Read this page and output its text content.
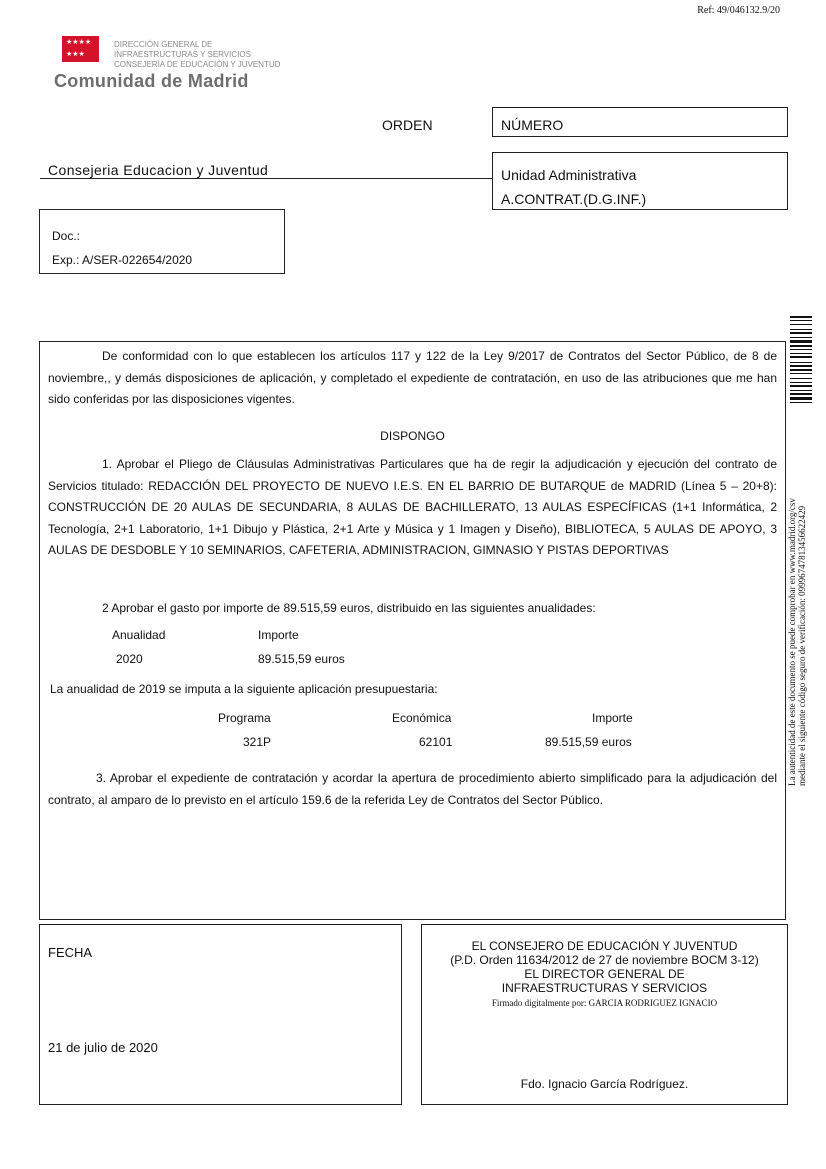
Ref: 49/046132.9/20
★★★★
★★★
DIRECCIÓN GENERAL DE
INFRAESTRUCTURAS Y SERVICIOS
CONSEJERÍA DE EDUCACIÓN Y JUVENTUD
Comunidad de Madrid
ORDEN	NÚMERO
Consejeria Educacion y Juventud	Unidad Administrativa
A.CONTRAT.(D.G.INF.)
Doc.:
Exp.: A/SER-022654/2020
De conformidad con lo que establecen los artículos 117 y 122 de la Ley 9/2017 de Contratos del Sector Público, de 8 de noviembre,, y demás disposiciones de aplicación, y completado el expediente de contratación, en uso de las atribuciones que me han sido conferidas por las disposiciones vigentes.
DISPONGO
1. Aprobar el Pliego de Cláusulas Administrativas Particulares que ha de regir la adjudicación y ejecución del contrato de Servicios titulado: REDACCIÓN DEL PROYECTO DE NUEVO I.E.S. EN EL BARRIO DE BUTARQUE de MADRID (Línea 5 – 20+8): CONSTRUCCIÓN DE 20 AULAS DE SECUNDARIA, 8 AULAS DE BACHILLERATO, 13 AULAS ESPECÍFICAS (1+1 Informática, 2 Tecnología, 2+1 Laboratorio, 1+1 Dibujo y Plástica, 2+1 Arte y Música y 1 Imagen y Diseño), BIBLIOTECA, 5 AULAS DE APOYO, 3 AULAS DE DESDOBLE Y 10 SEMINARIOS, CAFETERIA, ADMINISTRACION, GIMNASIO Y PISTAS DEPORTIVAS
2 Aprobar el gasto por importe de 89.515,59 euros, distribuido en las siguientes anualidades:
Anualidad	Importe
2020	89.515,59 euros
La anualidad de 2019 se imputa a la siguiente aplicación presupuestaria:
Programa	Económica	Importe
321P	62101	89.515,59 euros
3. Aprobar el expediente de contratación y acordar la apertura de procedimiento abierto simplificado para la adjudicación del contrato, al amparo de lo previsto en el artículo 159.6 de la referida Ley de Contratos del Sector Público.
La autenticidad de este documento se puede comprobar en www.madrid.org/csv mediante el siguiente código seguro de verificación: 0999674781345662242​9
FECHA
21 de julio de 2020
EL CONSEJERO DE EDUCACIÓN Y JUVENTUD
(P.D. Orden 11634/2012 de 27 de noviembre BOCM 3-12)
EL DIRECTOR GENERAL DE
INFRAESTRUCTURAS Y SERVICIOS
Firmado digitalmente por: GARCIA RODRIGUEZ IGNACIO
Fdo. Ignacio García Rodríguez.
